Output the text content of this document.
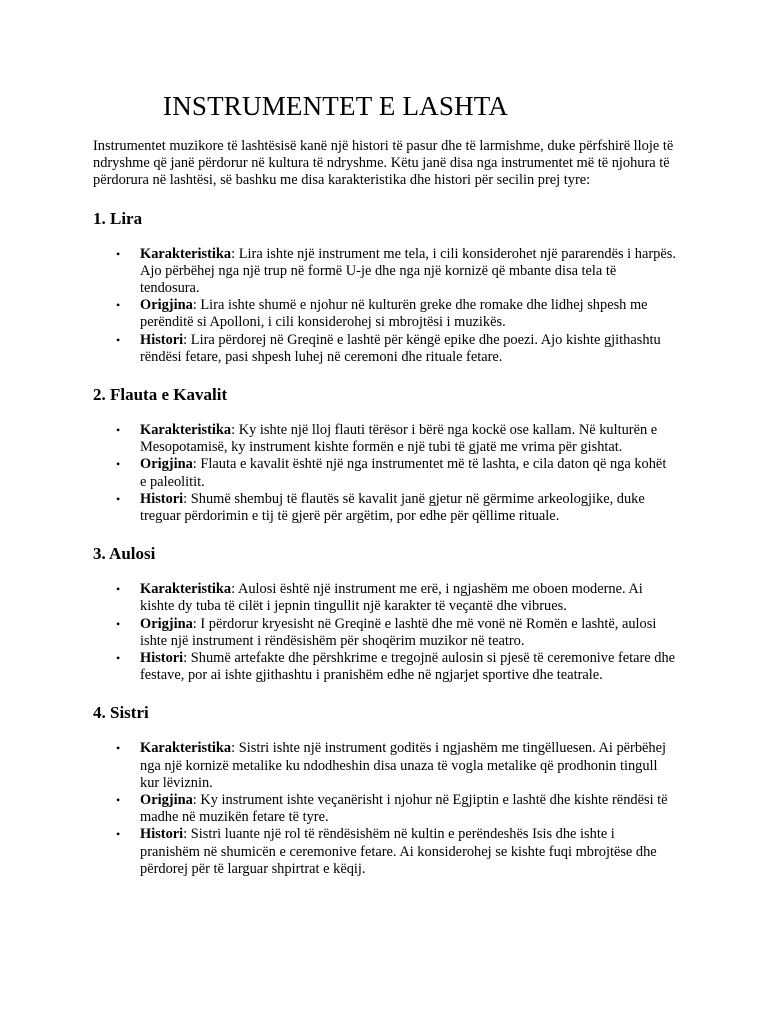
INSTRUMENTET E LASHTA

Instrumentet muzikore të lashtësisë kanë një histori të pasur dhe të larmishme, duke përfshirë lloje të ndryshme që janë përdorur në kultura të ndryshme. Këtu janë disa nga instrumentet më të njohura të përdorura në lashtësi, së bashku me disa karakteristika dhe histori për secilin prej tyre:

1. Lira
• Karakteristika: Lira ishte një instrument me tela, i cili konsiderohet një pararendës i harpës. Ajo përbëhej nga një trup në formë U-je dhe nga një kornizë që mbante disa tela të tendosura.
• Origjina: Lira ishte shumë e njohur në kulturën greke dhe romake dhe lidhej shpesh me perënditë si Apolloni, i cili konsiderohej si mbrojtësi i muzikës.
• Histori: Lira përdorej në Greqinë e lashtë për këngë epike dhe poezi. Ajo kishte gjithashtu rëndësi fetare, pasi shpesh luhej në ceremoni dhe rituale fetare.
2. Flauta e Kavalit
• Karakteristika: Ky ishte një lloj flauti tërësor i bërë nga kockë ose kallam. Në kulturën e Mesopotamisë, ky instrument kishte formën e një tubi të gjatë me vrima për gishtat.
• Origjina: Flauta e kavalit është një nga instrumentet më të lashta, e cila daton që nga kohët e paleolitit.
• Histori: Shumë shembuj të flautës së kavalit janë gjetur në gërmime arkeologjike, duke treguar përdorimin e tij të gjerë për argëtim, por edhe për qëllime rituale.
3. Aulosi
• Karakteristika: Aulosi është një instrument me erë, i ngjashëm me oboen moderne. Ai kishte dy tuba të cilët i jepnin tingullit një karakter të veçantë dhe vibrues.
• Origjina: I përdorur kryesisht në Greqinë e lashtë dhe më vonë në Romën e lashtë, aulosi ishte një instrument i rëndësishëm për shoqërim muzikor në teatro.
• Histori: Shumë artefakte dhe përshkrime e tregojnë aulosin si pjesë të ceremonive fetare dhe festave, por ai ishte gjithashtu i pranishëm edhe në ngjarjet sportive dhe teatrale.
4. Sistri
• Karakteristika: Sistri ishte një instrument goditës i ngjashëm me tingëlluesen. Ai përbëhej nga një kornizë metalike ku ndodheshin disa unaza të vogla metalike që prodhonin tingull kur lëviznin.
• Origjina: Ky instrument ishte veçanërisht i njohur në Egjiptin e lashtë dhe kishte rëndësi të madhe në muzikën fetare të tyre.
• Histori: Sistri luante një rol të rëndësishëm në kultin e perëndeshës Isis dhe ishte i pranishëm në shumicën e ceremonive fetare. Ai konsiderohej se kishte fuqi mbrojtëse dhe përdorej për të larguar shpirtrat e këqij.
